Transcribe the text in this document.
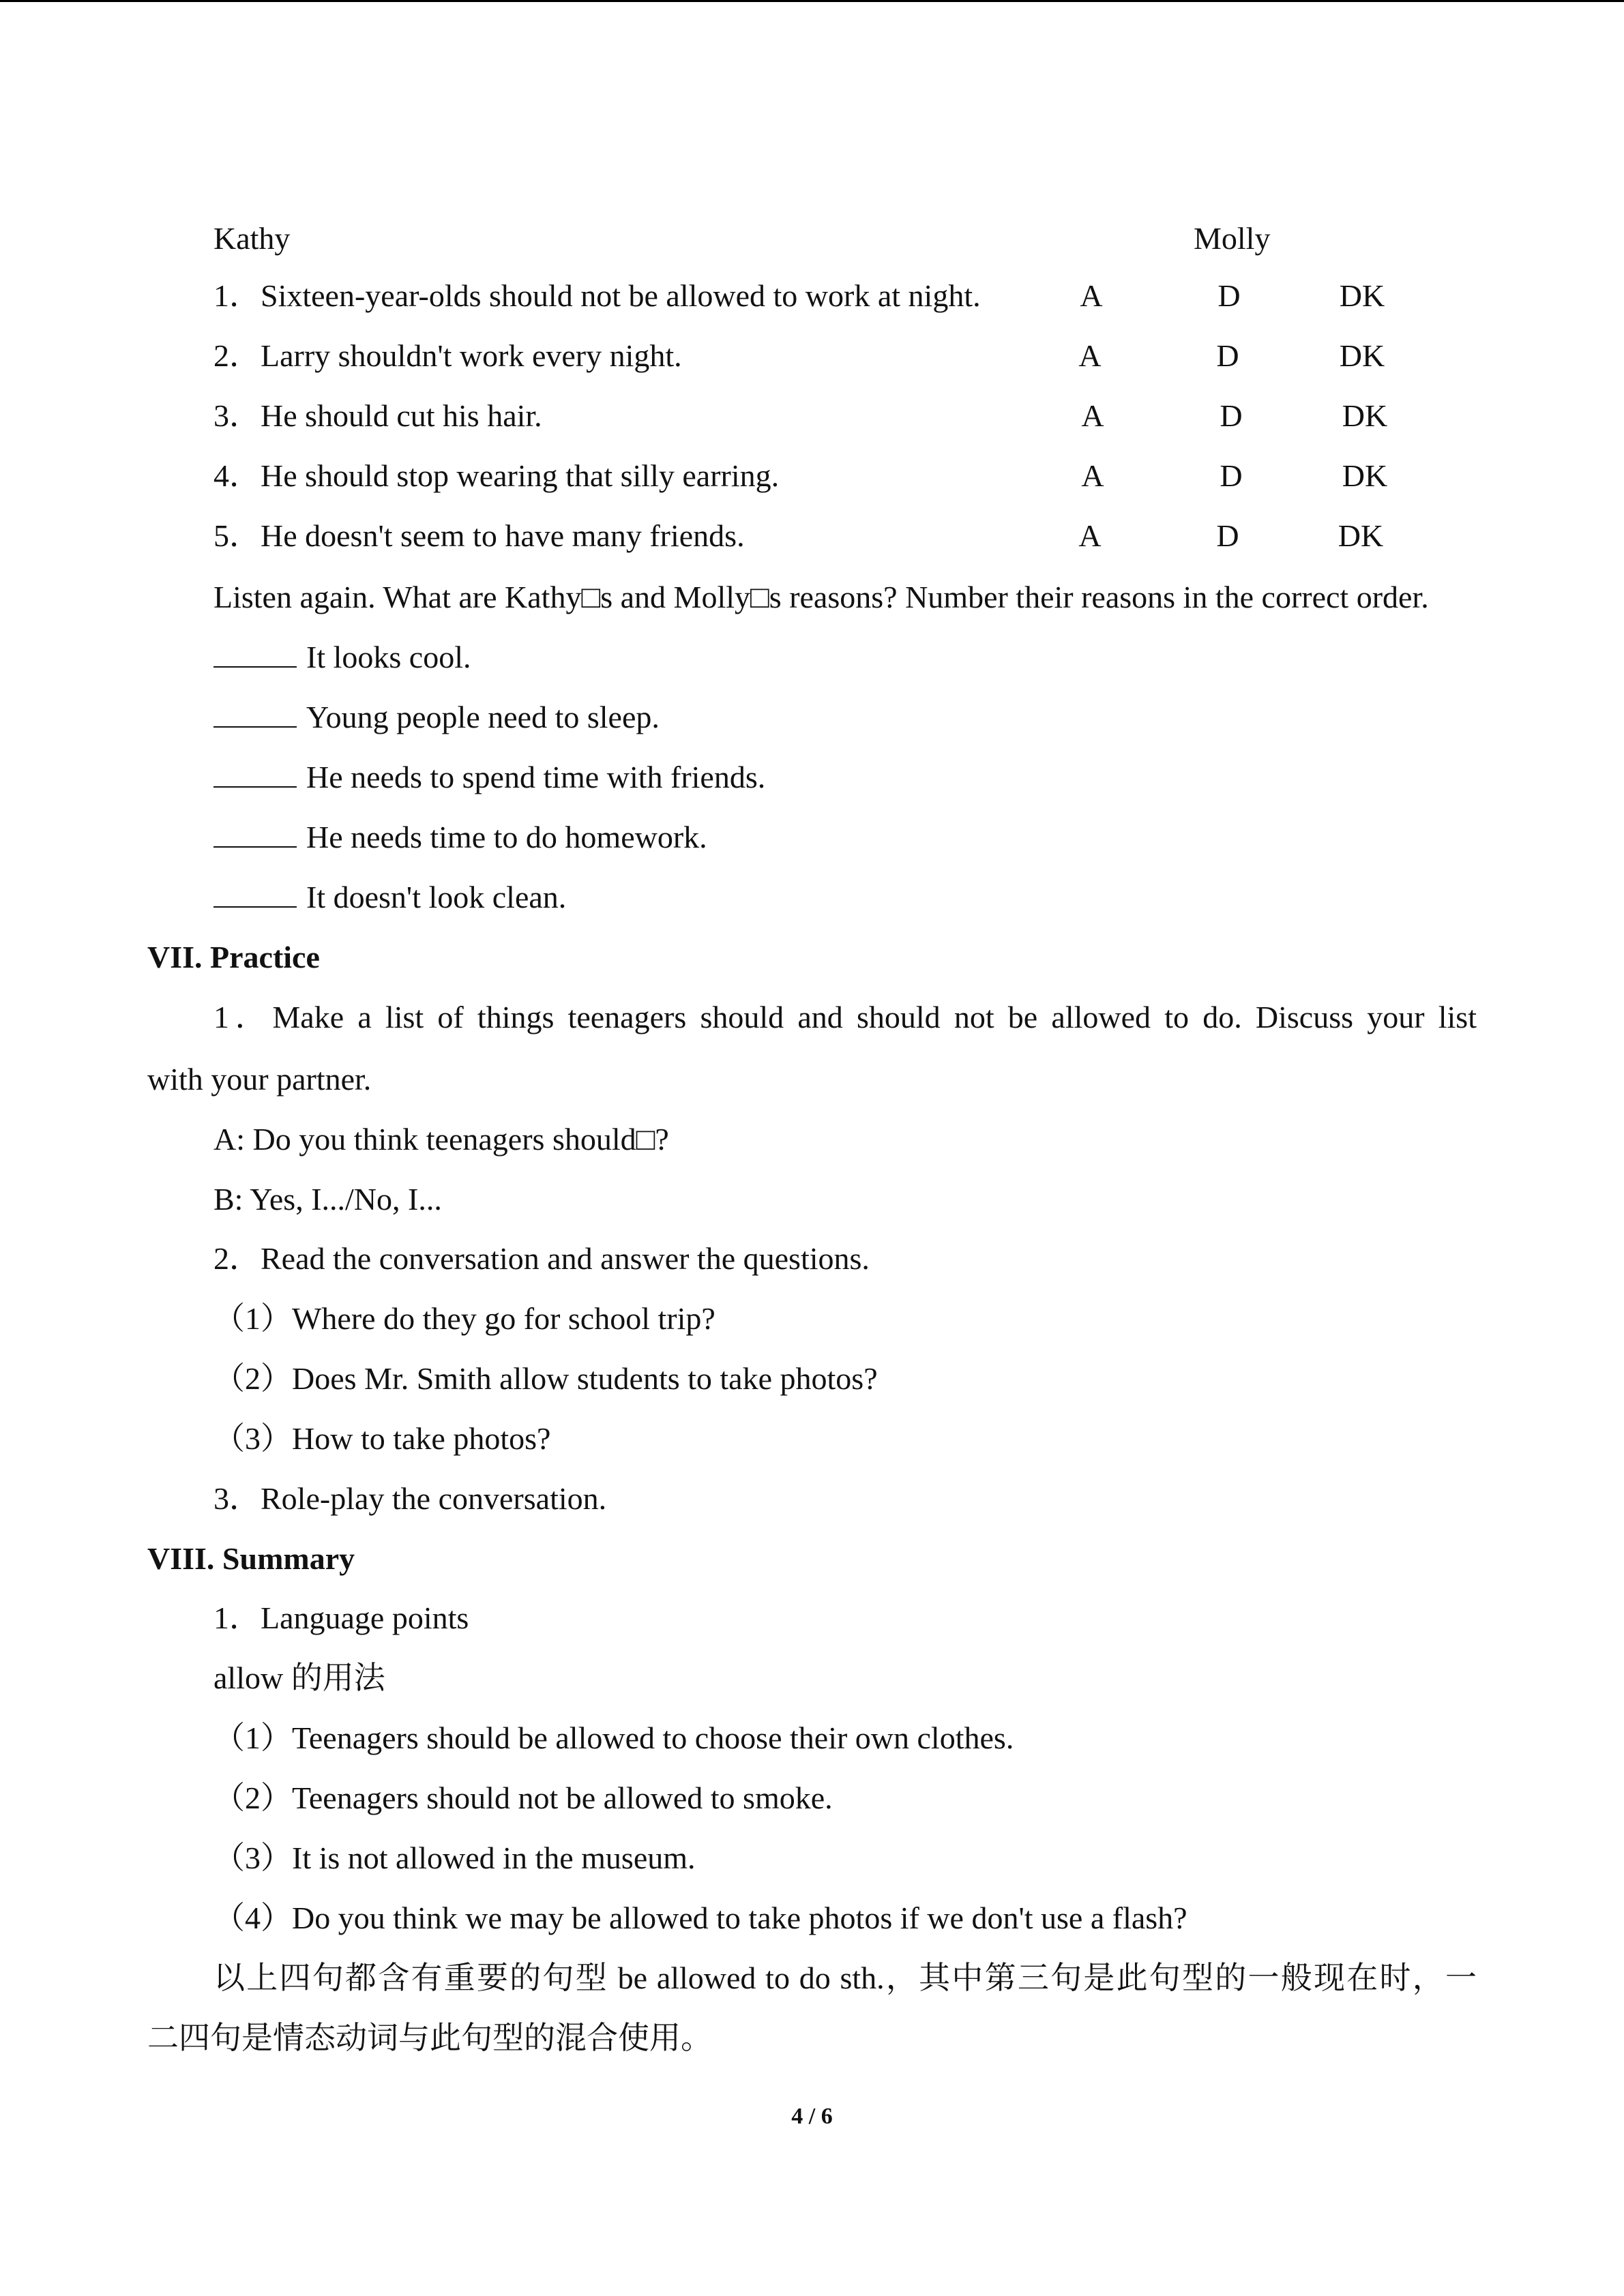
Kathy	Molly
1．Sixteen-year-olds should not be allowed to work at night.	A	D	DK
2．Larry shouldn't work every night.	A	D	DK
3．He should cut his hair.	A	D	DK
4．He should stop wearing that silly earring.	A	D	DK
5．He doesn't seem to have many friends.	A	D	DK
Listen again. What are Kathy□s and Molly□s reasons? Number their reasons in the correct order.
It looks cool.
Young people need to sleep.
He needs to spend time with friends.
He needs time to do homework.
It doesn't look clean.
VII. Practice
1．Make a list of things teenagers should and should not be allowed to do. Discuss your list
with your partner.
A: Do you think teenagers should□?
B: Yes, I.../No, I...
2．Read the conversation and answer the questions.
（1）Where do they go for school trip?
（2）Does Mr. Smith allow students to take photos?
（3）How to take photos?
3．Role-play the conversation.
VIII. Summary
1．Language points
allow 的用法
（1）Teenagers should be allowed to choose their own clothes.
（2）Teenagers should not be allowed to smoke.
（3）It is not allowed in the museum.
（4）Do you think we may be allowed to take photos if we don't use a flash?
以上四句都含有重要的句型 be allowed to do sth.，其中第三句是此句型的一般现在时，一
二四句是情态动词与此句型的混合使用。
4 / 6
